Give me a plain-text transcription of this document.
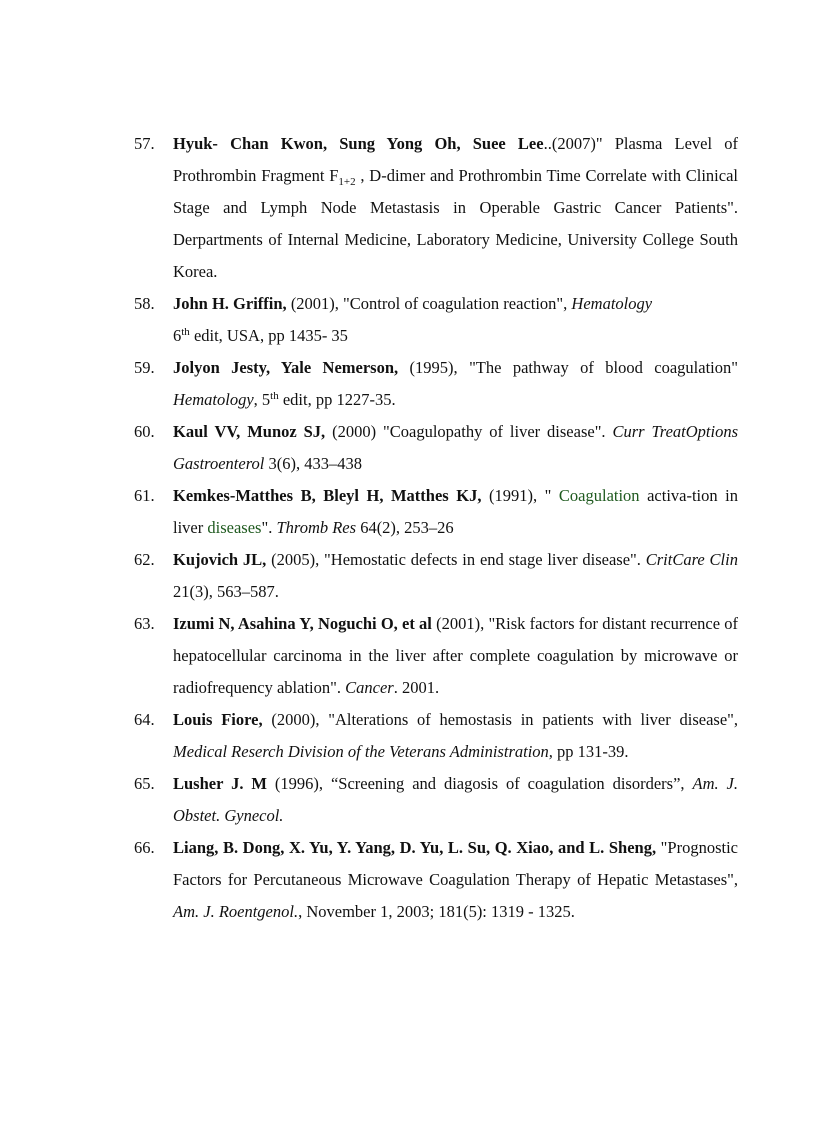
57.	Hyuk- Chan Kwon, Sung Yong Oh, Suee Lee..(2007)" Plasma Level of Prothrombin Fragment $F_{1+2}$ , D-dimer and Prothrombin Time Correlate with Clinical Stage and Lymph Node Metastasis in Operable Gastric Cancer Patients". Derpartments of Internal Medicine, Laboratory Medicine, University College South Korea.
58.	John H. Griffin, (2001), "Control of coagulation reaction", Hematology
6th edit, USA, pp 1435- 35
59.	Jolyon Jesty, Yale Nemerson, (1995), "The pathway of blood coagulation" Hematology, 5th edit, pp 1227-35.
60.	Kaul VV, Munoz SJ, (2000) "Coagulopathy of liver disease". Curr TreatOptions Gastroenterol 3(6), 433–438
61.	Kemkes-Matthes B, Bleyl H, Matthes KJ, (1991), " Coagulation activa-tion in liver diseases". Thromb Res 64(2), 253–26
62.	Kujovich JL, (2005), "Hemostatic defects in end stage liver disease". CritCare Clin 21(3), 563–587.
63.	Izumi N, Asahina Y, Noguchi O, et al (2001), "Risk factors for distant recurrence of hepatocellular carcinoma in the liver after complete coagulation by microwave or radiofrequency ablation". Cancer. 2001.
64.	Louis Fiore, (2000), "Alterations of hemostasis in patients with liver disease", Medical Reserch Division of the Veterans Administration, pp 131-39.
65.	Lusher J. M (1996), “Screening and diagosis of coagulation disorders”, Am. J. Obstet. Gynecol.
66.	Liang, B. Dong, X. Yu, Y. Yang, D. Yu, L. Su, Q. Xiao, and L. Sheng, "Prognostic Factors for Percutaneous Microwave Coagulation Therapy of Hepatic Metastases", Am. J. Roentgenol., November 1, 2003; 181(5): 1319 - 1325.
